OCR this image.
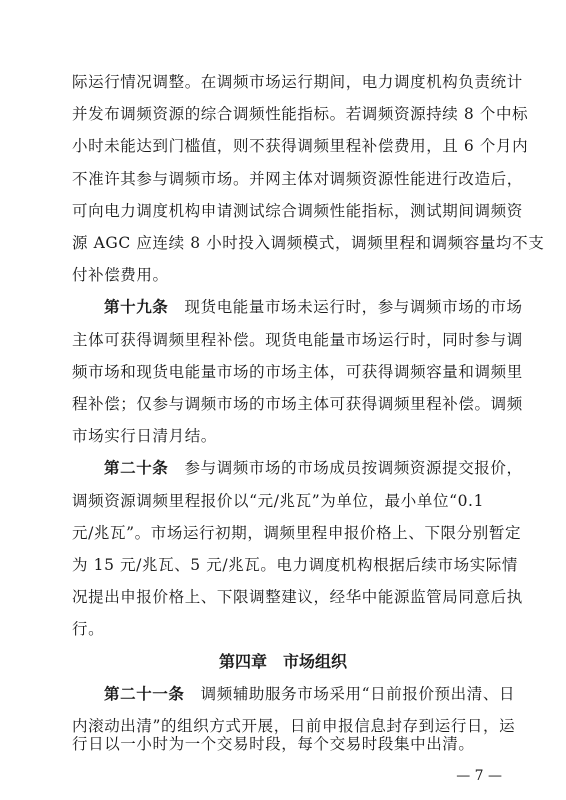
际运行情况调整。在调频市场运行期间，电力调度机构负责统计
并发布调频资源的综合调频性能指标。若调频资源持续 8 个中标
小时未能达到门槛值，则不获得调频里程补偿费用，且 6 个月内
不准许其参与调频市场。并网主体对调频资源性能进行改造后，
可向电力调度机构申请测试综合调频性能指标，测试期间调频资
源 AGC 应连续 8 小时投入调频模式，调频里程和调频容量均不支
付补偿费用。
第十九条　现货电能量市场未运行时，参与调频市场的市场
主体可获得调频里程补偿。现货电能量市场运行时，同时参与调
频市场和现货电能量市场的市场主体，可获得调频容量和调频里
程补偿；仅参与调频市场的市场主体可获得调频里程补偿。调频
市场实行日清月结。
第二十条　参与调频市场的市场成员按调频资源提交报价，
调频资源调频里程报价以“元/兆瓦”为单位，最小单位“0.1
元/兆瓦”。市场运行初期，调频里程申报价格上、下限分别暂定
为 15 元/兆瓦、5 元/兆瓦。电力调度机构根据后续市场实际情
况提出申报价格上、下限调整建议，经华中能源监管局同意后执
行。
第四章　市场组织
第二十一条　调频辅助服务市场采用“日前报价预出清、日
内滚动出清”的组织方式开展，日前申报信息封存到运行日，运
行日以一小时为一个交易时段，每个交易时段集中出清。
— 7 —
